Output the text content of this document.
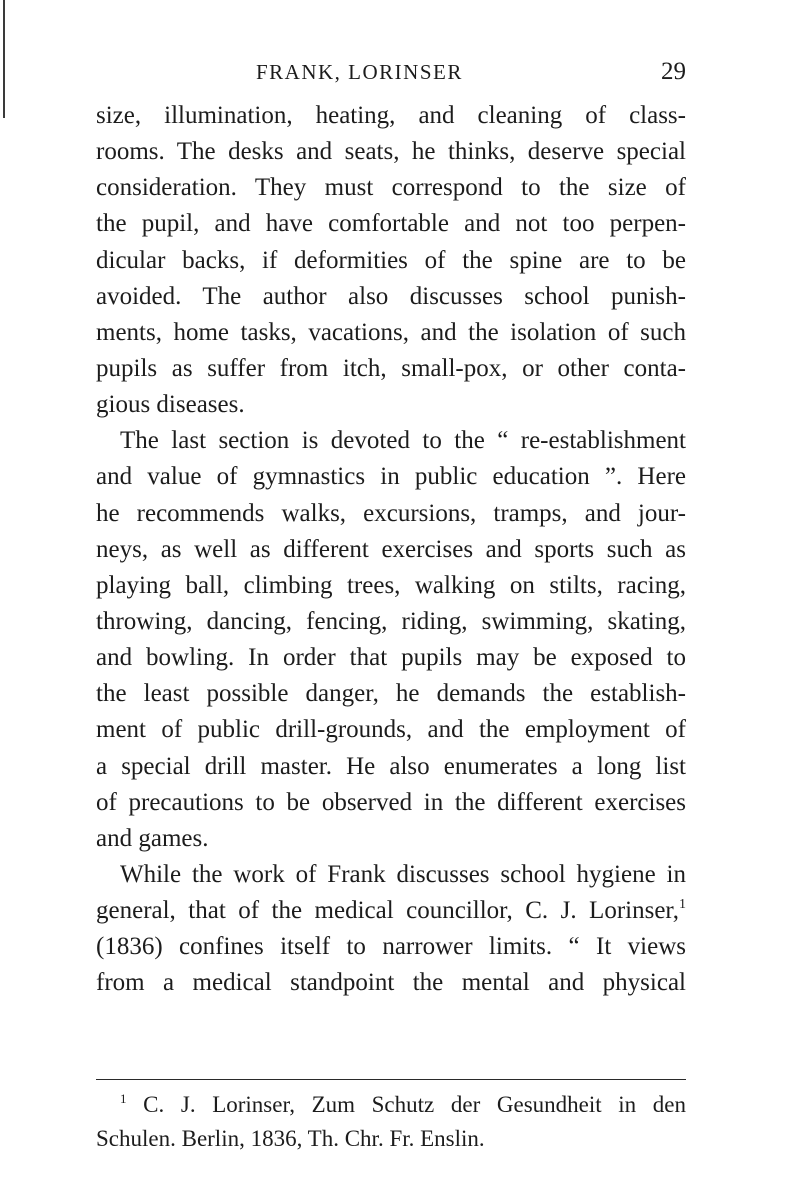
FRANK, LORINSER	29
size, illumination, heating, and cleaning of class-
rooms. The desks and seats, he thinks, deserve special
consideration. They must correspond to the size of
the pupil, and have comfortable and not too perpen-
dicular backs, if deformities of the spine are to be
avoided. The author also discusses school punish-
ments, home tasks, vacations, and the isolation of such
pupils as suffer from itch, small-pox, or other conta-
gious diseases.
The last section is devoted to the “ re-establishment
and value of gymnastics in public education ”. Here
he recommends walks, excursions, tramps, and jour-
neys, as well as different exercises and sports such as
playing ball, climbing trees, walking on stilts, racing,
throwing, dancing, fencing, riding, swimming, skating,
and bowling. In order that pupils may be exposed to
the least possible danger, he demands the establish-
ment of public drill-grounds, and the employment of
a special drill master. He also enumerates a long list
of precautions to be observed in the different exercises
and games.
While the work of Frank discusses school hygiene in
general, that of the medical councillor, C. J. Lorinser,$^1$
(1836) confines itself to narrower limits. “ It views
from a medical standpoint the mental and physical
$^1$ C. J. Lorinser, Zum Schutz der Gesundheit in den
Schulen. Berlin, 1836, Th. Chr. Fr. Enslin.
